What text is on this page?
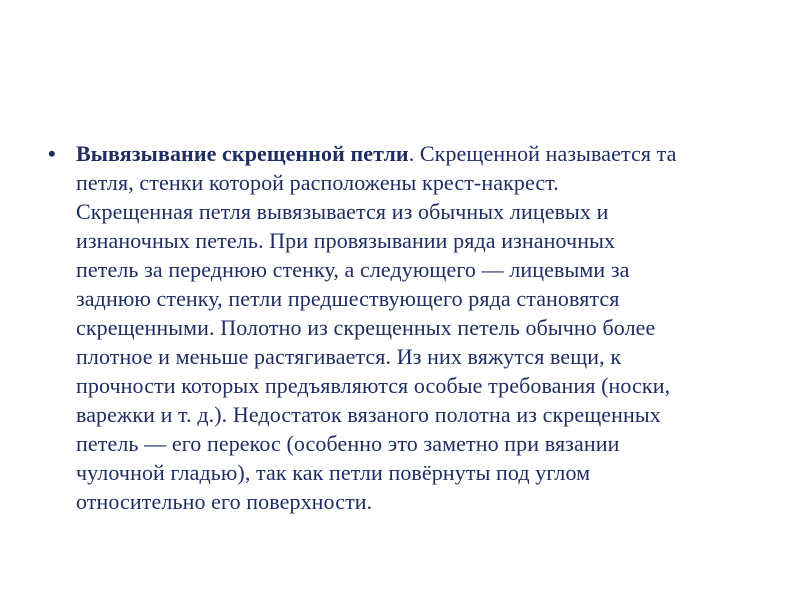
• Вывязывание скрещенной петли. Скрещенной называется та
петля, стенки которой расположены крест-накрест.
Скрещенная петля вывязывается из обычных лицевых и
изнаночных петель. При провязывании ряда изнаночных
петель за переднюю стенку, а следующего — лицевыми за
заднюю стенку, петли предшествующего ряда становятся
скрещенными. Полотно из скрещенных петель обычно более
плотное и меньше растягивается. Из них вяжутся вещи, к
прочности которых предъявляются особые требования (носки,
варежки и т. д.). Недостаток вязаного полотна из скрещенных
петель — его перекос (особенно это заметно при вязании
чулочной гладью), так как петли повёрнуты под углом
относительно его поверхности.
